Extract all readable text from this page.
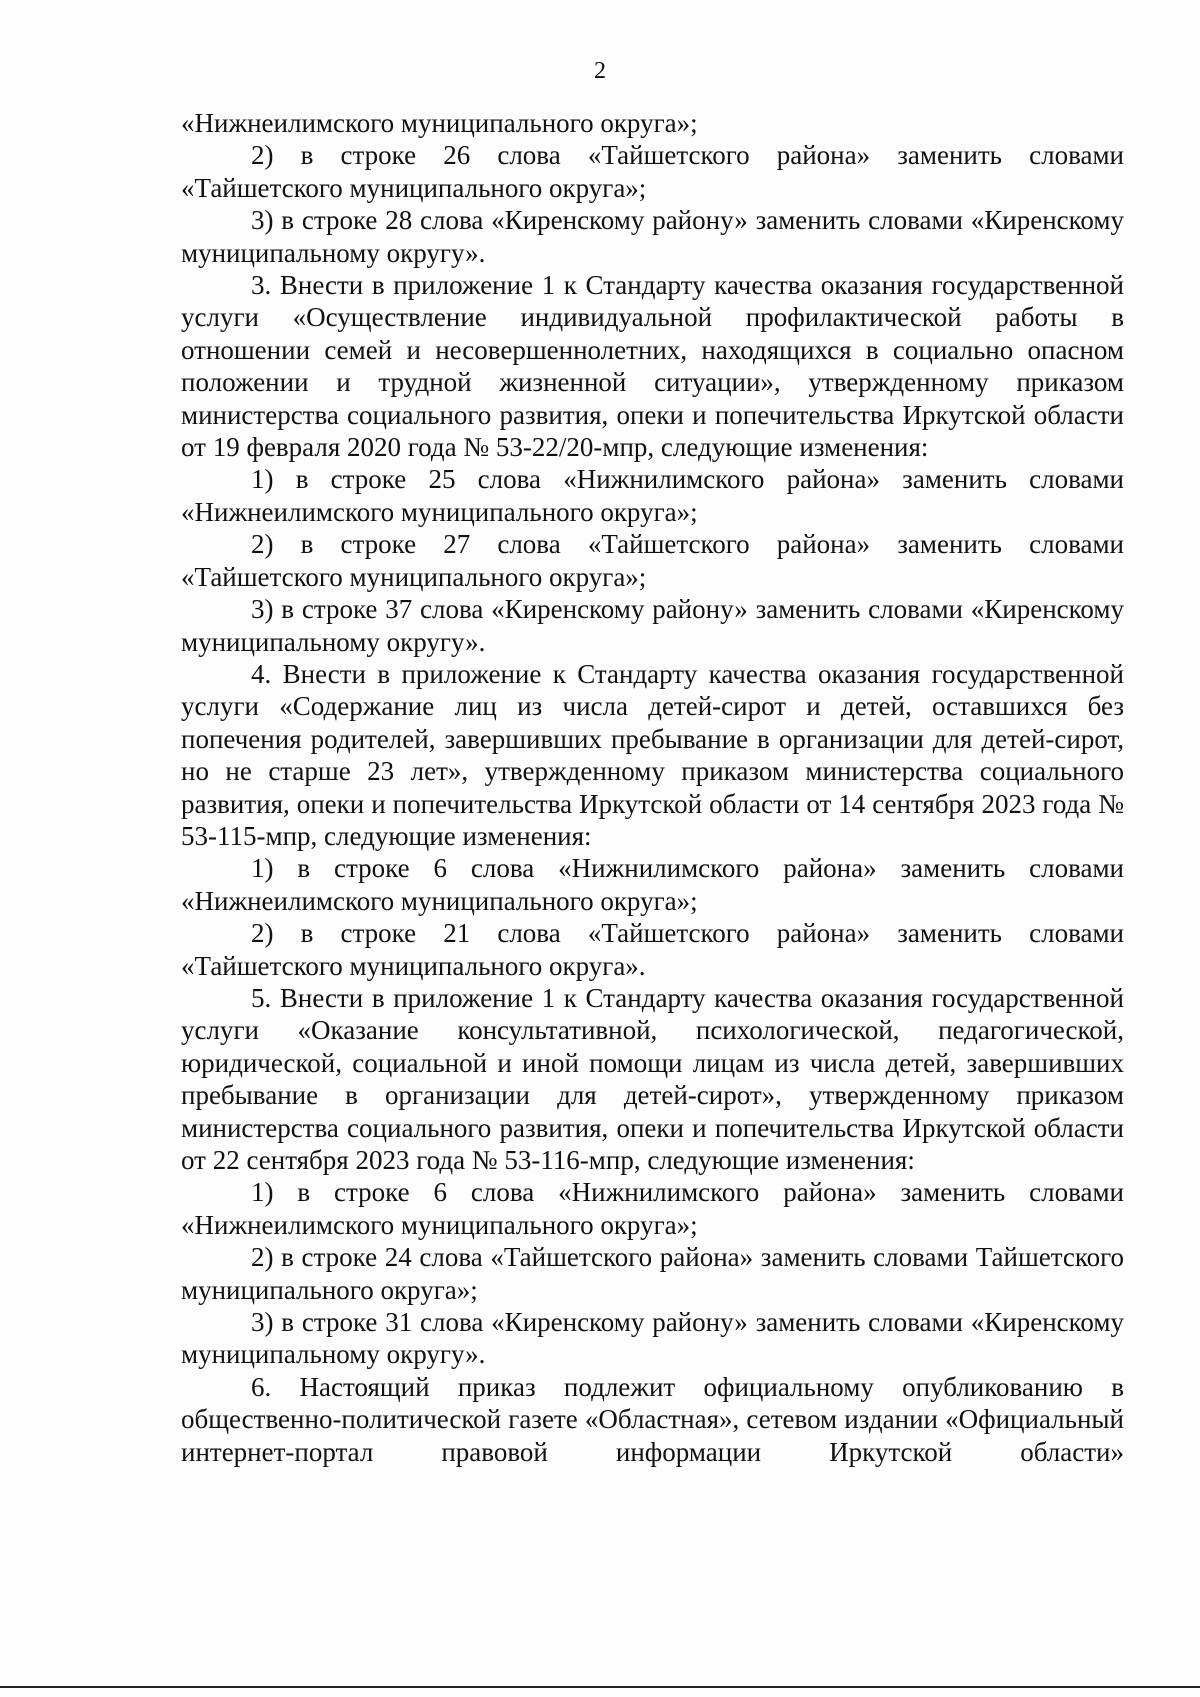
2

«Нижнеилимского муниципального округа»;

2) в строке 26 слова «Тайшетского района» заменить словами «Тайшетского муниципального округа»;

3) в строке 28 слова «Киренскому району» заменить словами «Киренскому муниципальному округу».

3. Внести в приложение 1 к Стандарту качества оказания государственной услуги «Осуществление индивидуальной профилактической работы в отношении семей и несовершеннолетних, находящихся в социально опасном положении и трудной жизненной ситуации», утвержденному приказом министерства социального развития, опеки и попечительства Иркутской области от 19 февраля 2020 года № 53-22/20-мпр, следующие изменения:

1) в строке 25 слова «Нижнилимского района» заменить словами «Нижнеилимского муниципального округа»;

2) в строке 27 слова «Тайшетского района» заменить словами «Тайшетского муниципального округа»;

3) в строке 37 слова «Киренскому району» заменить словами «Киренскому муниципальному округу».

4. Внести в приложение к Стандарту качества оказания государственной услуги «Содержание лиц из числа детей-сирот и детей, оставшихся без попечения родителей, завершивших пребывание в организации для детей-сирот, но не старше 23 лет», утвержденному приказом министерства социального развития, опеки и попечительства Иркутской области от 14 сентября 2023 года № 53-115-мпр, следующие изменения:

1) в строке 6 слова «Нижнилимского района» заменить словами «Нижнеилимского муниципального округа»;

2) в строке 21 слова «Тайшетского района» заменить словами «Тайшетского муниципального округа».

5. Внести в приложение 1 к Стандарту качества оказания государственной услуги «Оказание консультативной, психологической, педагогической, юридической, социальной и иной помощи лицам из числа детей, завершивших пребывание в организации для детей-сирот», утвержденному приказом министерства социального развития, опеки и попечительства Иркутской области от 22 сентября 2023 года № 53-116-мпр, следующие изменения:

1) в строке 6 слова «Нижнилимского района» заменить словами «Нижнеилимского муниципального округа»;

2) в строке 24 слова «Тайшетского района» заменить словами Тайшетского муниципального округа»;

3) в строке 31 слова «Киренскому району» заменить словами «Киренскому муниципальному округу».

6. Настоящий приказ подлежит официальному опубликованию в общественно-политической газете «Областная», сетевом издании «Официальный интернет-портал правовой информации Иркутской области»
